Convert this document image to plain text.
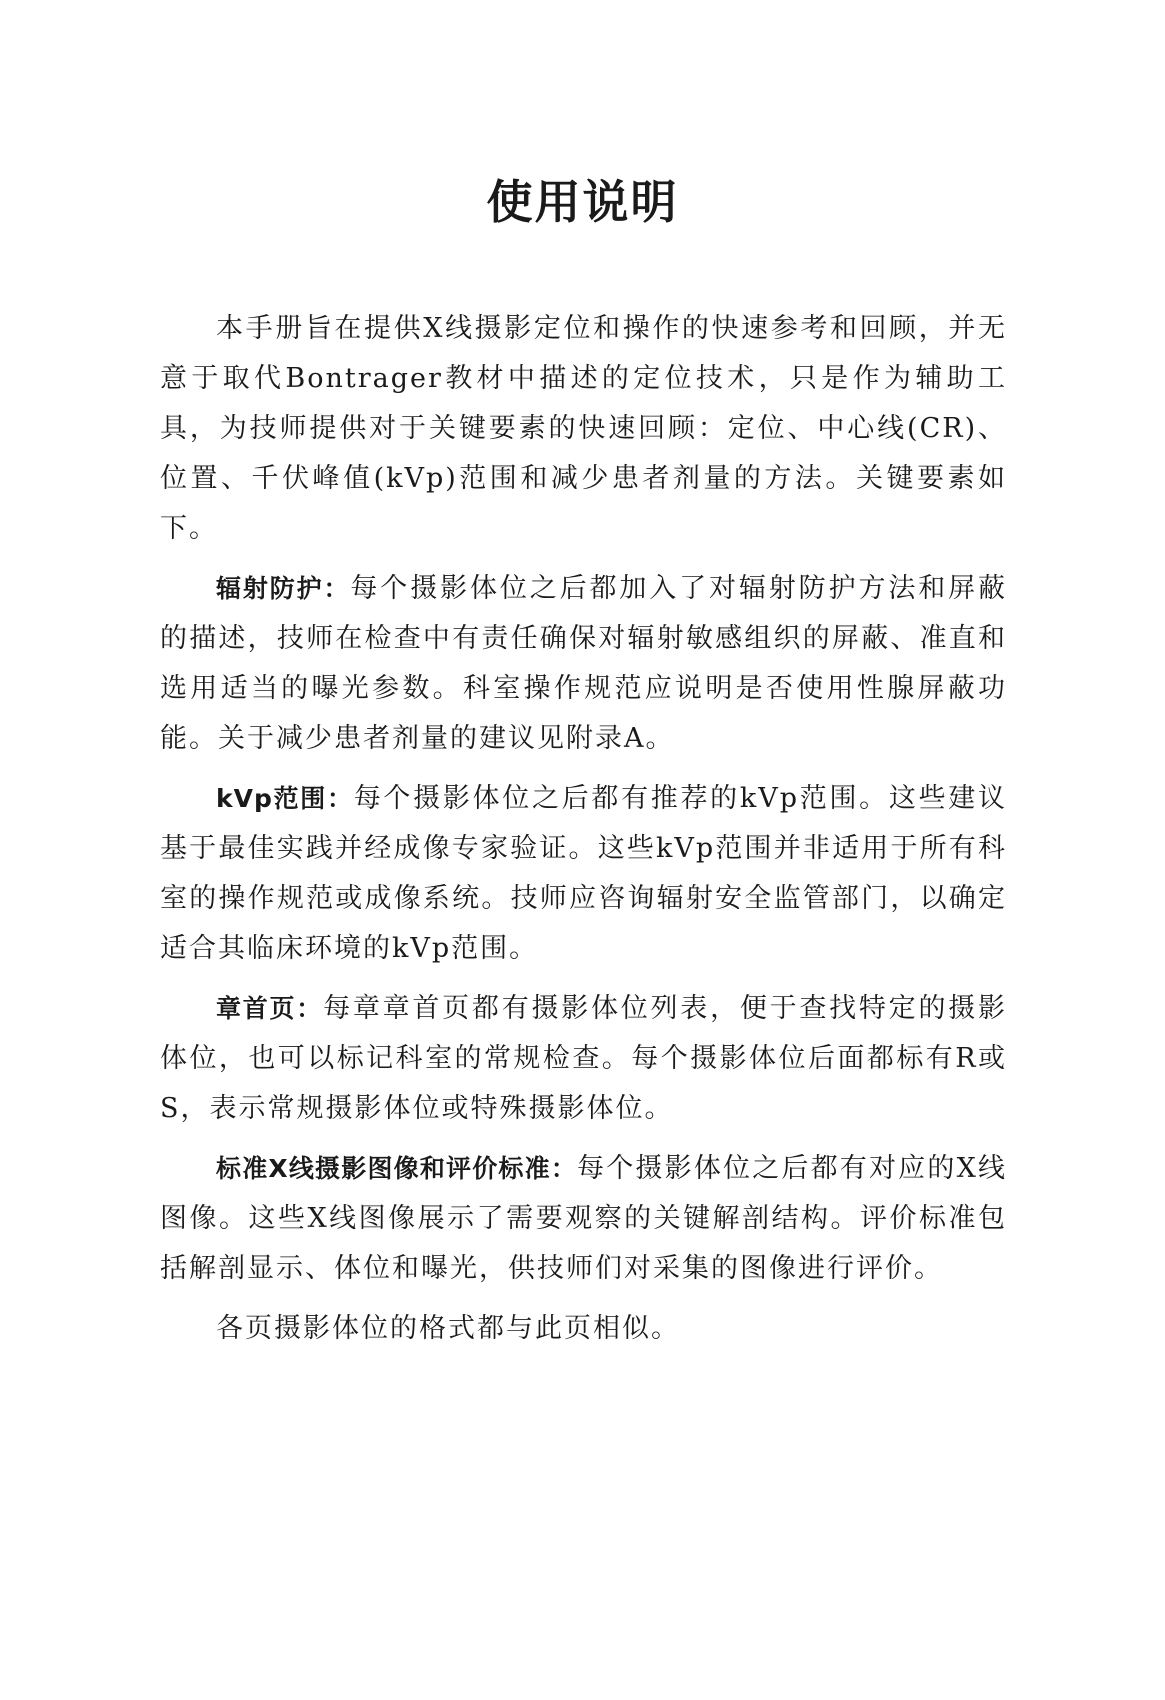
使用说明

本手册旨在提供X线摄影定位和操作的快速参考和回顾，并无意于取代Bontrager教材中描述的定位技术，只是作为辅助工具，为技师提供对于关键要素的快速回顾：定位、中心线(CR)、位置、千伏峰值(kVp)范围和减少患者剂量的方法。关键要素如下。

辐射防护：每个摄影体位之后都加入了对辐射防护方法和屏蔽的描述，技师在检查中有责任确保对辐射敏感组织的屏蔽、准直和选用适当的曝光参数。科室操作规范应说明是否使用性腺屏蔽功能。关于减少患者剂量的建议见附录A。

kVp范围：每个摄影体位之后都有推荐的kVp范围。这些建议基于最佳实践并经成像专家验证。这些kVp范围并非适用于所有科室的操作规范或成像系统。技师应咨询辐射安全监管部门，以确定适合其临床环境的kVp范围。

章首页：每章章首页都有摄影体位列表，便于查找特定的摄影体位，也可以标记科室的常规检查。每个摄影体位后面都标有R或S，表示常规摄影体位或特殊摄影体位。

标准X线摄影图像和评价标准：每个摄影体位之后都有对应的X线图像。这些X线图像展示了需要观察的关键解剖结构。评价标准包括解剖显示、体位和曝光，供技师们对采集的图像进行评价。

各页摄影体位的格式都与此页相似。
